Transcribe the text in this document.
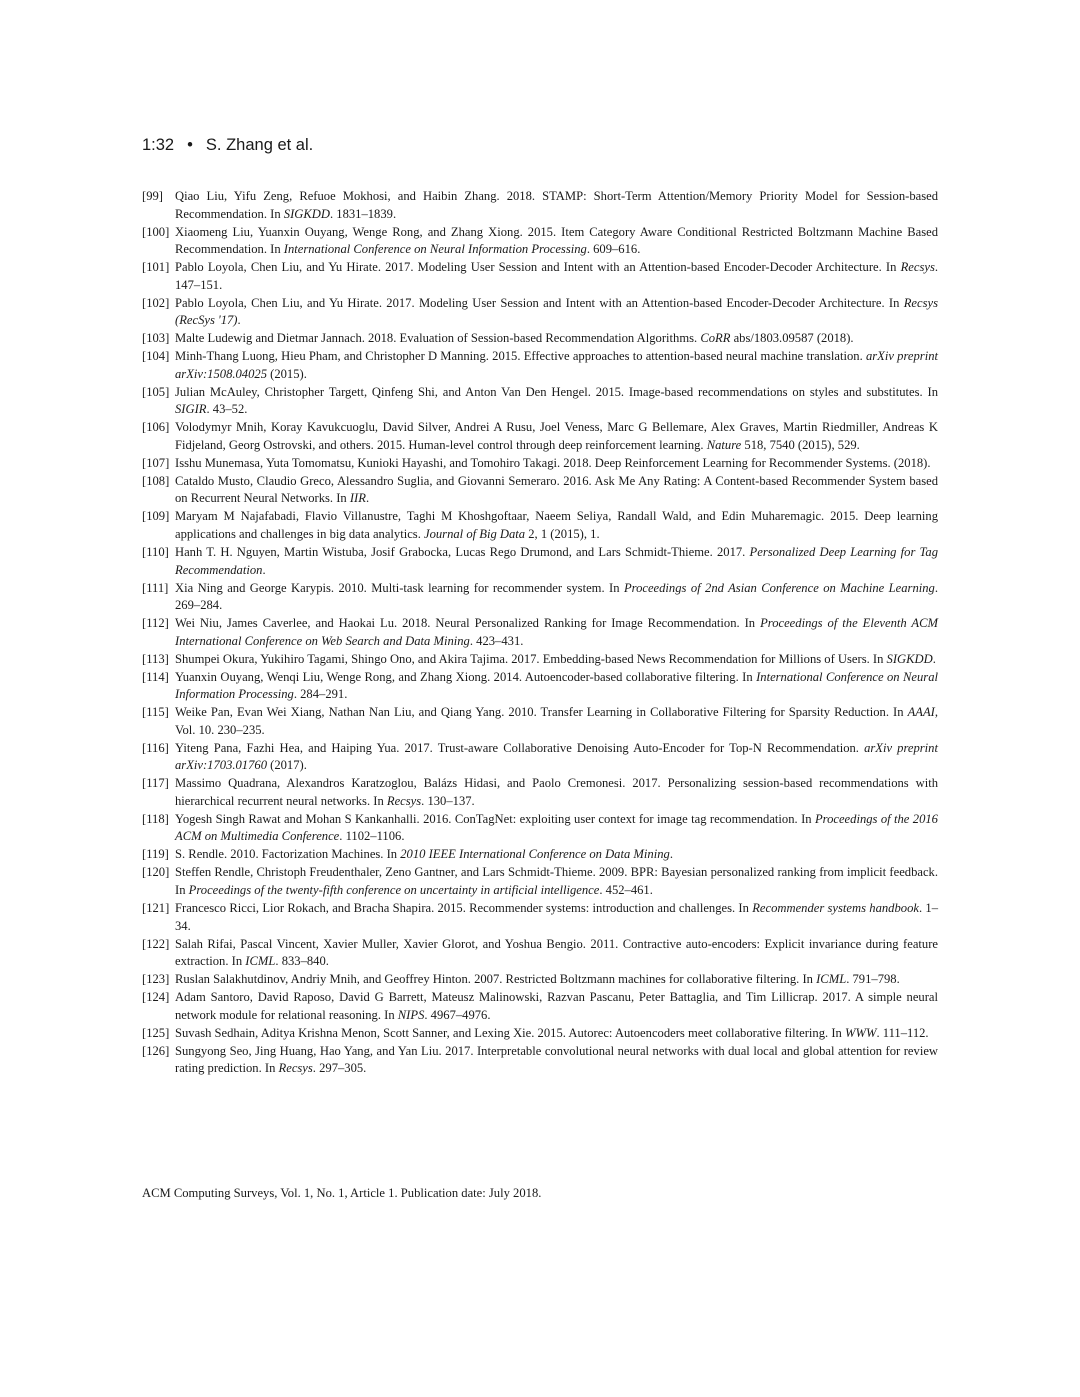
1:32 • S. Zhang et al.
[99] Qiao Liu, Yifu Zeng, Refuoe Mokhosi, and Haibin Zhang. 2018. STAMP: Short-Term Attention/Memory Priority Model for Session-based Recommendation. In SIGKDD. 1831–1839.
[100] Xiaomeng Liu, Yuanxin Ouyang, Wenge Rong, and Zhang Xiong. 2015. Item Category Aware Conditional Restricted Boltzmann Machine Based Recommendation. In International Conference on Neural Information Processing. 609–616.
[101] Pablo Loyola, Chen Liu, and Yu Hirate. 2017. Modeling User Session and Intent with an Attention-based Encoder-Decoder Architecture. In Recsys. 147–151.
[102] Pablo Loyola, Chen Liu, and Yu Hirate. 2017. Modeling User Session and Intent with an Attention-based Encoder-Decoder Architecture. In Recsys (RecSys '17).
[103] Malte Ludewig and Dietmar Jannach. 2018. Evaluation of Session-based Recommendation Algorithms. CoRR abs/1803.09587 (2018).
[104] Minh-Thang Luong, Hieu Pham, and Christopher D Manning. 2015. Effective approaches to attention-based neural machine translation. arXiv preprint arXiv:1508.04025 (2015).
[105] Julian McAuley, Christopher Targett, Qinfeng Shi, and Anton Van Den Hengel. 2015. Image-based recommendations on styles and substitutes. In SIGIR. 43–52.
[106] Volodymyr Mnih, Koray Kavukcuoglu, David Silver, Andrei A Rusu, Joel Veness, Marc G Bellemare, Alex Graves, Martin Riedmiller, Andreas K Fidjeland, Georg Ostrovski, and others. 2015. Human-level control through deep reinforcement learning. Nature 518, 7540 (2015), 529.
[107] Isshu Munemasa, Yuta Tomomatsu, Kunioki Hayashi, and Tomohiro Takagi. 2018. Deep Reinforcement Learning for Recommender Systems. (2018).
[108] Cataldo Musto, Claudio Greco, Alessandro Suglia, and Giovanni Semeraro. 2016. Ask Me Any Rating: A Content-based Recommender System based on Recurrent Neural Networks. In IIR.
[109] Maryam M Najafabadi, Flavio Villanustre, Taghi M Khoshgoftaar, Naeem Seliya, Randall Wald, and Edin Muharemagic. 2015. Deep learning applications and challenges in big data analytics. Journal of Big Data 2, 1 (2015), 1.
[110] Hanh T. H. Nguyen, Martin Wistuba, Josif Grabocka, Lucas Rego Drumond, and Lars Schmidt-Thieme. 2017. Personalized Deep Learning for Tag Recommendation.
[111] Xia Ning and George Karypis. 2010. Multi-task learning for recommender system. In Proceedings of 2nd Asian Conference on Machine Learning. 269–284.
[112] Wei Niu, James Caverlee, and Haokai Lu. 2018. Neural Personalized Ranking for Image Recommendation. In Proceedings of the Eleventh ACM International Conference on Web Search and Data Mining. 423–431.
[113] Shumpei Okura, Yukihiro Tagami, Shingo Ono, and Akira Tajima. 2017. Embedding-based News Recommendation for Millions of Users. In SIGKDD.
[114] Yuanxin Ouyang, Wenqi Liu, Wenge Rong, and Zhang Xiong. 2014. Autoencoder-based collaborative filtering. In International Conference on Neural Information Processing. 284–291.
[115] Weike Pan, Evan Wei Xiang, Nathan Nan Liu, and Qiang Yang. 2010. Transfer Learning in Collaborative Filtering for Sparsity Reduction. In AAAI, Vol. 10. 230–235.
[116] Yiteng Pana, Fazhi Hea, and Haiping Yua. 2017. Trust-aware Collaborative Denoising Auto-Encoder for Top-N Recommendation. arXiv preprint arXiv:1703.01760 (2017).
[117] Massimo Quadrana, Alexandros Karatzoglou, Balázs Hidasi, and Paolo Cremonesi. 2017. Personalizing session-based recommendations with hierarchical recurrent neural networks. In Recsys. 130–137.
[118] Yogesh Singh Rawat and Mohan S Kankanhalli. 2016. ConTagNet: exploiting user context for image tag recommendation. In Proceedings of the 2016 ACM on Multimedia Conference. 1102–1106.
[119] S. Rendle. 2010. Factorization Machines. In 2010 IEEE International Conference on Data Mining.
[120] Steffen Rendle, Christoph Freudenthaler, Zeno Gantner, and Lars Schmidt-Thieme. 2009. BPR: Bayesian personalized ranking from implicit feedback. In Proceedings of the twenty-fifth conference on uncertainty in artificial intelligence. 452–461.
[121] Francesco Ricci, Lior Rokach, and Bracha Shapira. 2015. Recommender systems: introduction and challenges. In Recommender systems handbook. 1–34.
[122] Salah Rifai, Pascal Vincent, Xavier Muller, Xavier Glorot, and Yoshua Bengio. 2011. Contractive auto-encoders: Explicit invariance during feature extraction. In ICML. 833–840.
[123] Ruslan Salakhutdinov, Andriy Mnih, and Geoffrey Hinton. 2007. Restricted Boltzmann machines for collaborative filtering. In ICML. 791–798.
[124] Adam Santoro, David Raposo, David G Barrett, Mateusz Malinowski, Razvan Pascanu, Peter Battaglia, and Tim Lillicrap. 2017. A simple neural network module for relational reasoning. In NIPS. 4967–4976.
[125] Suvash Sedhain, Aditya Krishna Menon, Scott Sanner, and Lexing Xie. 2015. Autorec: Autoencoders meet collaborative filtering. In WWW. 111–112.
[126] Sungyong Seo, Jing Huang, Hao Yang, and Yan Liu. 2017. Interpretable convolutional neural networks with dual local and global attention for review rating prediction. In Recsys. 297–305.
ACM Computing Surveys, Vol. 1, No. 1, Article 1. Publication date: July 2018.
